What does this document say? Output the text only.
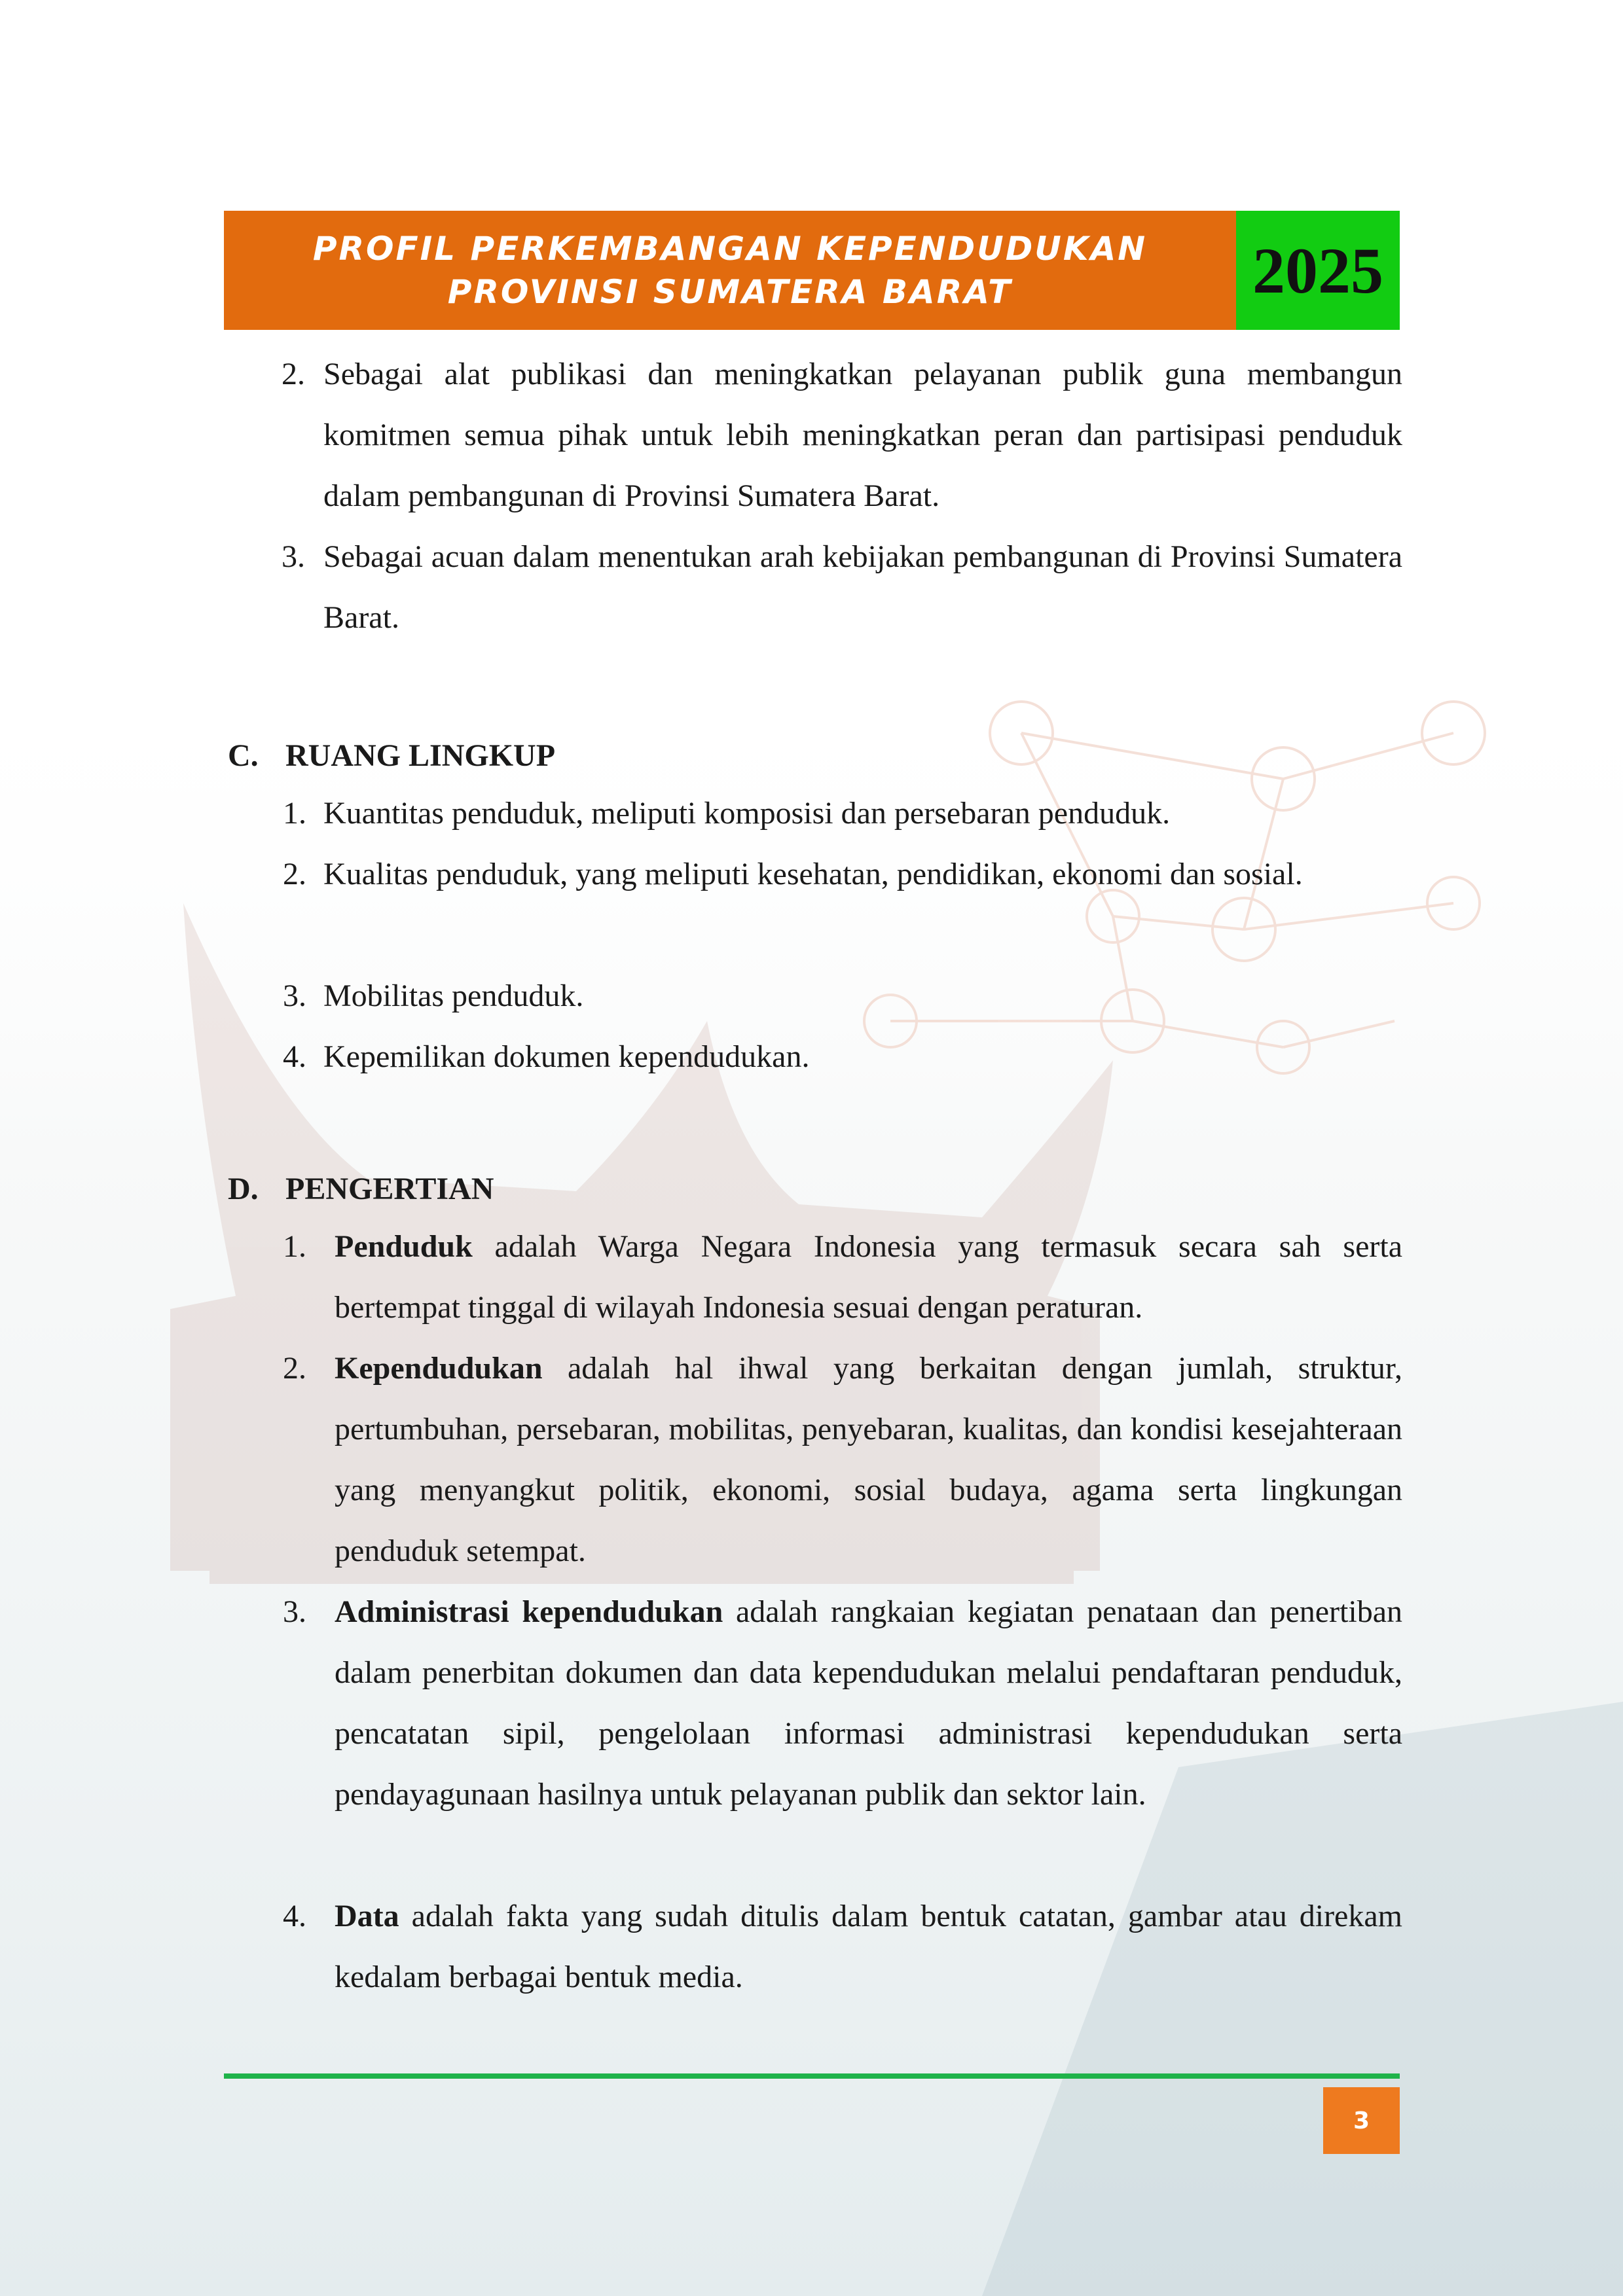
PROFIL PERKEMBANGAN KEPENDUDUKAN
PROVINSI SUMATERA BARAT	2025
2. Sebagai alat publikasi dan meningkatkan pelayanan publik guna membangun komitmen semua pihak untuk lebih meningkatkan peran dan partisipasi penduduk dalam pembangunan di Provinsi Sumatera Barat.
3. Sebagai acuan dalam menentukan arah kebijakan pembangunan di Provinsi Sumatera Barat.
C. RUANG LINGKUP
1. Kuantitas penduduk, meliputi komposisi dan persebaran penduduk.
2. Kualitas penduduk, yang meliputi kesehatan, pendidikan, ekonomi dan sosial.
3. Mobilitas penduduk.
4. Kepemilikan dokumen kependudukan.
D. PENGERTIAN
1. Penduduk adalah Warga Negara Indonesia yang termasuk secara sah serta bertempat tinggal di wilayah Indonesia sesuai dengan peraturan.
2. Kependudukan adalah hal ihwal yang berkaitan dengan jumlah, struktur, pertumbuhan, persebaran, mobilitas, penyebaran, kualitas, dan kondisi kesejahteraan yang menyangkut politik, ekonomi, sosial budaya, agama serta lingkungan penduduk setempat.
3. Administrasi kependudukan adalah rangkaian kegiatan penataan dan penertiban dalam penerbitan dokumen dan data kependudukan melalui pendaftaran penduduk, pencatatan sipil, pengelolaan informasi administrasi kependudukan serta pendayagunaan hasilnya untuk pelayanan publik dan sektor lain.
4. Data adalah fakta yang sudah ditulis dalam bentuk catatan, gambar atau direkam kedalam berbagai bentuk media.
3
